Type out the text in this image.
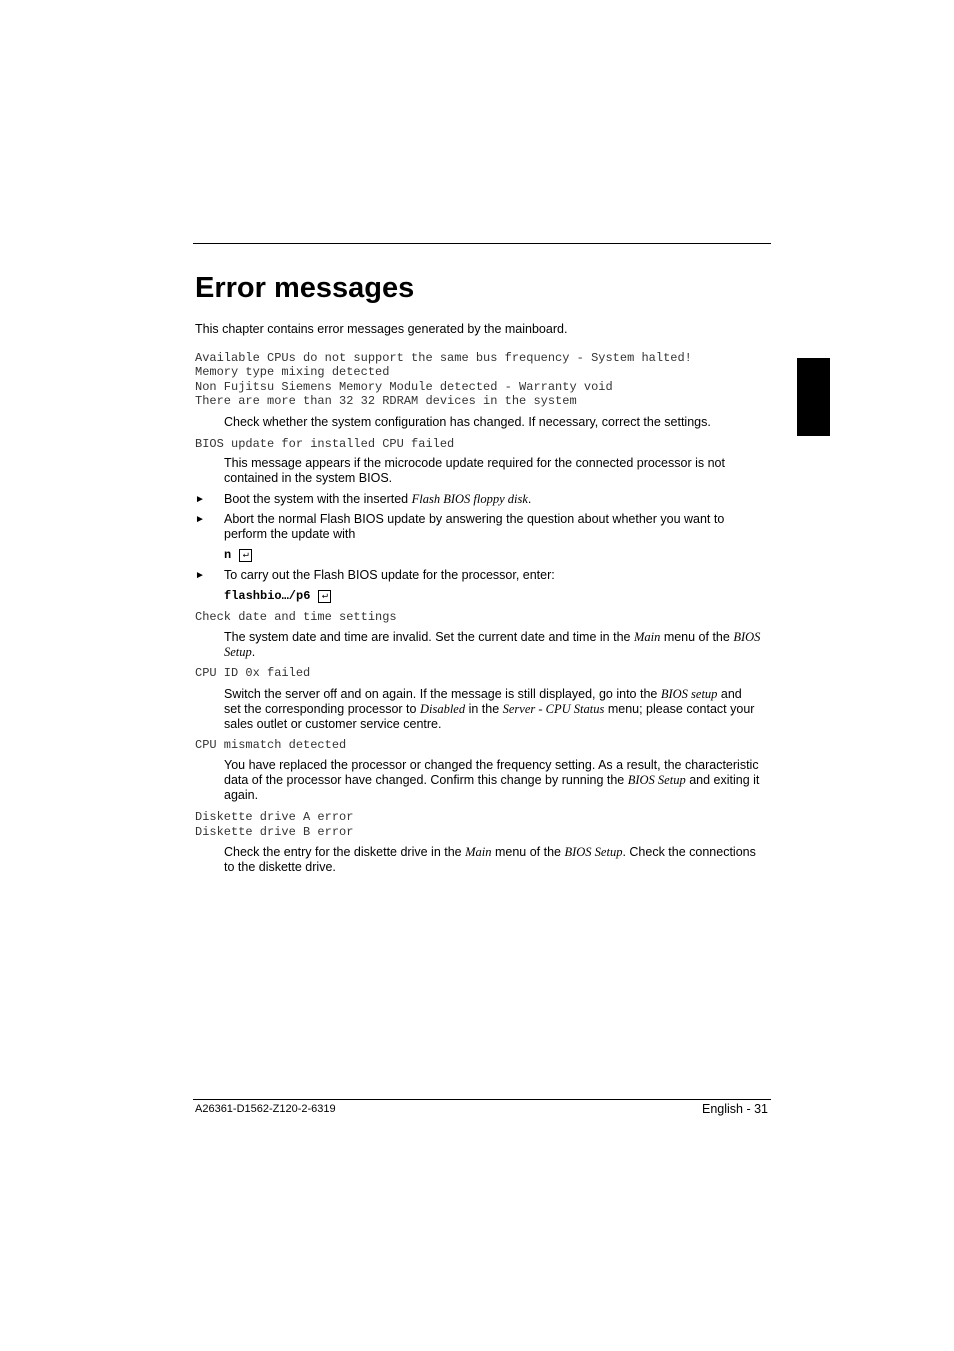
Error messages

This chapter contains error messages generated by the mainboard.

Available CPUs do not support the same bus frequency - System halted!

Memory type mixing detected

Non Fujitsu Siemens Memory Module detected - Warranty void

There are more than 32 32 RDRAM devices in the system

Check whether the system configuration has changed. If necessary, correct the settings.

BIOS update for installed CPU failed

This message appears if the microcode update required for the connected processor is not contained in the system BIOS.

►	Boot the system with the inserted Flash BIOS floppy disk.
►	Abort the normal Flash BIOS update by answering the question about whether you want to perform the update with
n	↵
►	To carry out the Flash BIOS update for the processor, enter:
flashbio…/p6	↵

Check date and time settings

The system date and time are invalid. Set the current date and time in the Main menu of the BIOS Setup.

CPU ID 0x failed

Switch the server off and on again. If the message is still displayed, go into the BIOS setup and set the corresponding processor to Disabled in the Server - CPU Status menu; please contact your sales outlet or customer service centre.

CPU mismatch detected

You have replaced the processor or changed the frequency setting. As a result, the characteristic data of the processor have changed. Confirm this change by running the BIOS Setup and exiting it again.

Diskette drive A error

Diskette drive B error

Check the entry for the diskette drive in the Main menu of the BIOS Setup. Check the connections to the diskette drive.

A26361-D1562-Z120-2-6319	English - 31
